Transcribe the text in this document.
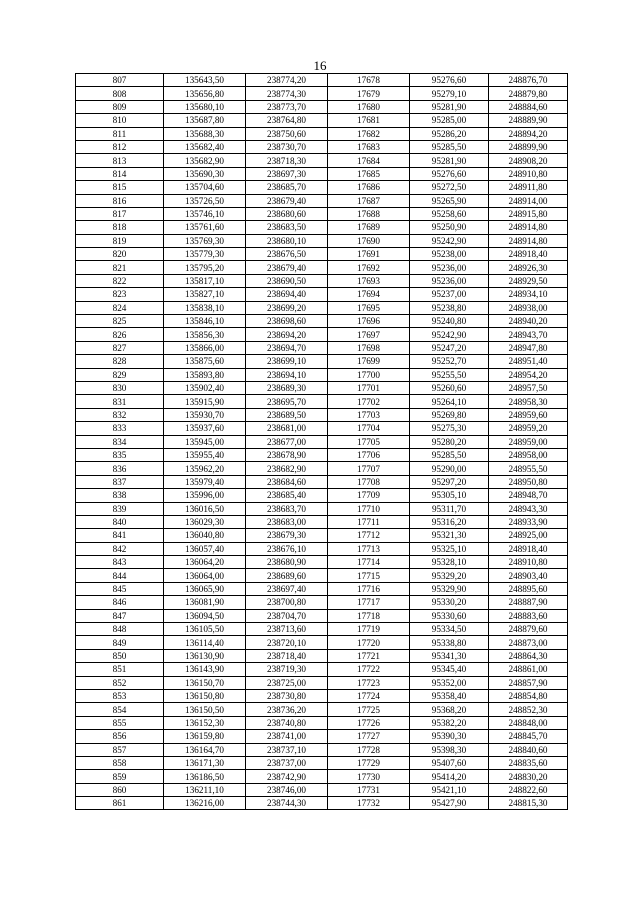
16
807	135643,50	238774,20	17678	95276,60	248876,70
808	135656,80	238774,30	17679	95279,10	248879,80
809	135680,10	238773,70	17680	95281,90	248884,60
810	135687,80	238764,80	17681	95285,00	248889,90
811	135688,30	238750,60	17682	95286,20	248894,20
812	135682,40	238730,70	17683	95285,50	248899,90
813	135682,90	238718,30	17684	95281,90	248908,20
814	135690,30	238697,30	17685	95276,60	248910,80
815	135704,60	238685,70	17686	95272,50	248911,80
816	135726,50	238679,40	17687	95265,90	248914,00
817	135746,10	238680,60	17688	95258,60	248915,80
818	135761,60	238683,50	17689	95250,90	248914,80
819	135769,30	238680,10	17690	95242,90	248914,80
820	135779,30	238676,50	17691	95238,00	248918,40
821	135795,20	238679,40	17692	95236,00	248926,30
822	135817,10	238690,50	17693	95236,00	248929,50
823	135827,10	238694,40	17694	95237,00	248934,10
824	135838,10	238699,20	17695	95238,80	248938,00
825	135846,10	238698,60	17696	95240,80	248940,20
826	135856,30	238694,20	17697	95242,90	248943,70
827	135866,00	238694,70	17698	95247,20	248947,80
828	135875,60	238699,10	17699	95252,70	248951,40
829	135893,80	238694,10	17700	95255,50	248954,20
830	135902,40	238689,30	17701	95260,60	248957,50
831	135915,90	238695,70	17702	95264,10	248958,30
832	135930,70	238689,50	17703	95269,80	248959,60
833	135937,60	238681,00	17704	95275,30	248959,20
834	135945,00	238677,00	17705	95280,20	248959,00
835	135955,40	238678,90	17706	95285,50	248958,00
836	135962,20	238682,90	17707	95290,00	248955,50
837	135979,40	238684,60	17708	95297,20	248950,80
838	135996,00	238685,40	17709	95305,10	248948,70
839	136016,50	238683,70	17710	95311,70	248943,30
840	136029,30	238683,00	17711	95316,20	248933,90
841	136040,80	238679,30	17712	95321,30	248925,00
842	136057,40	238676,10	17713	95325,10	248918,40
843	136064,20	238680,90	17714	95328,10	248910,80
844	136064,00	238689,60	17715	95329,20	248903,40
845	136065,90	238697,40	17716	95329,90	248895,60
846	136081,90	238700,80	17717	95330,20	248887,90
847	136094,50	238704,70	17718	95330,60	248883,60
848	136105,50	238713,60	17719	95334,50	248879,60
849	136114,40	238720,10	17720	95338,80	248873,00
850	136130,90	238718,40	17721	95341,30	248864,30
851	136143,90	238719,30	17722	95345,40	248861,00
852	136150,70	238725,00	17723	95352,00	248857,90
853	136150,80	238730,80	17724	95358,40	248854,80
854	136150,50	238736,20	17725	95368,20	248852,30
855	136152,30	238740,80	17726	95382,20	248848,00
856	136159,80	238741,00	17727	95390,30	248845,70
857	136164,70	238737,10	17728	95398,30	248840,60
858	136171,30	238737,00	17729	95407,60	248835,60
859	136186,50	238742,90	17730	95414,20	248830,20
860	136211,10	238746,00	17731	95421,10	248822,60
861	136216,00	238744,30	17732	95427,90	248815,30
